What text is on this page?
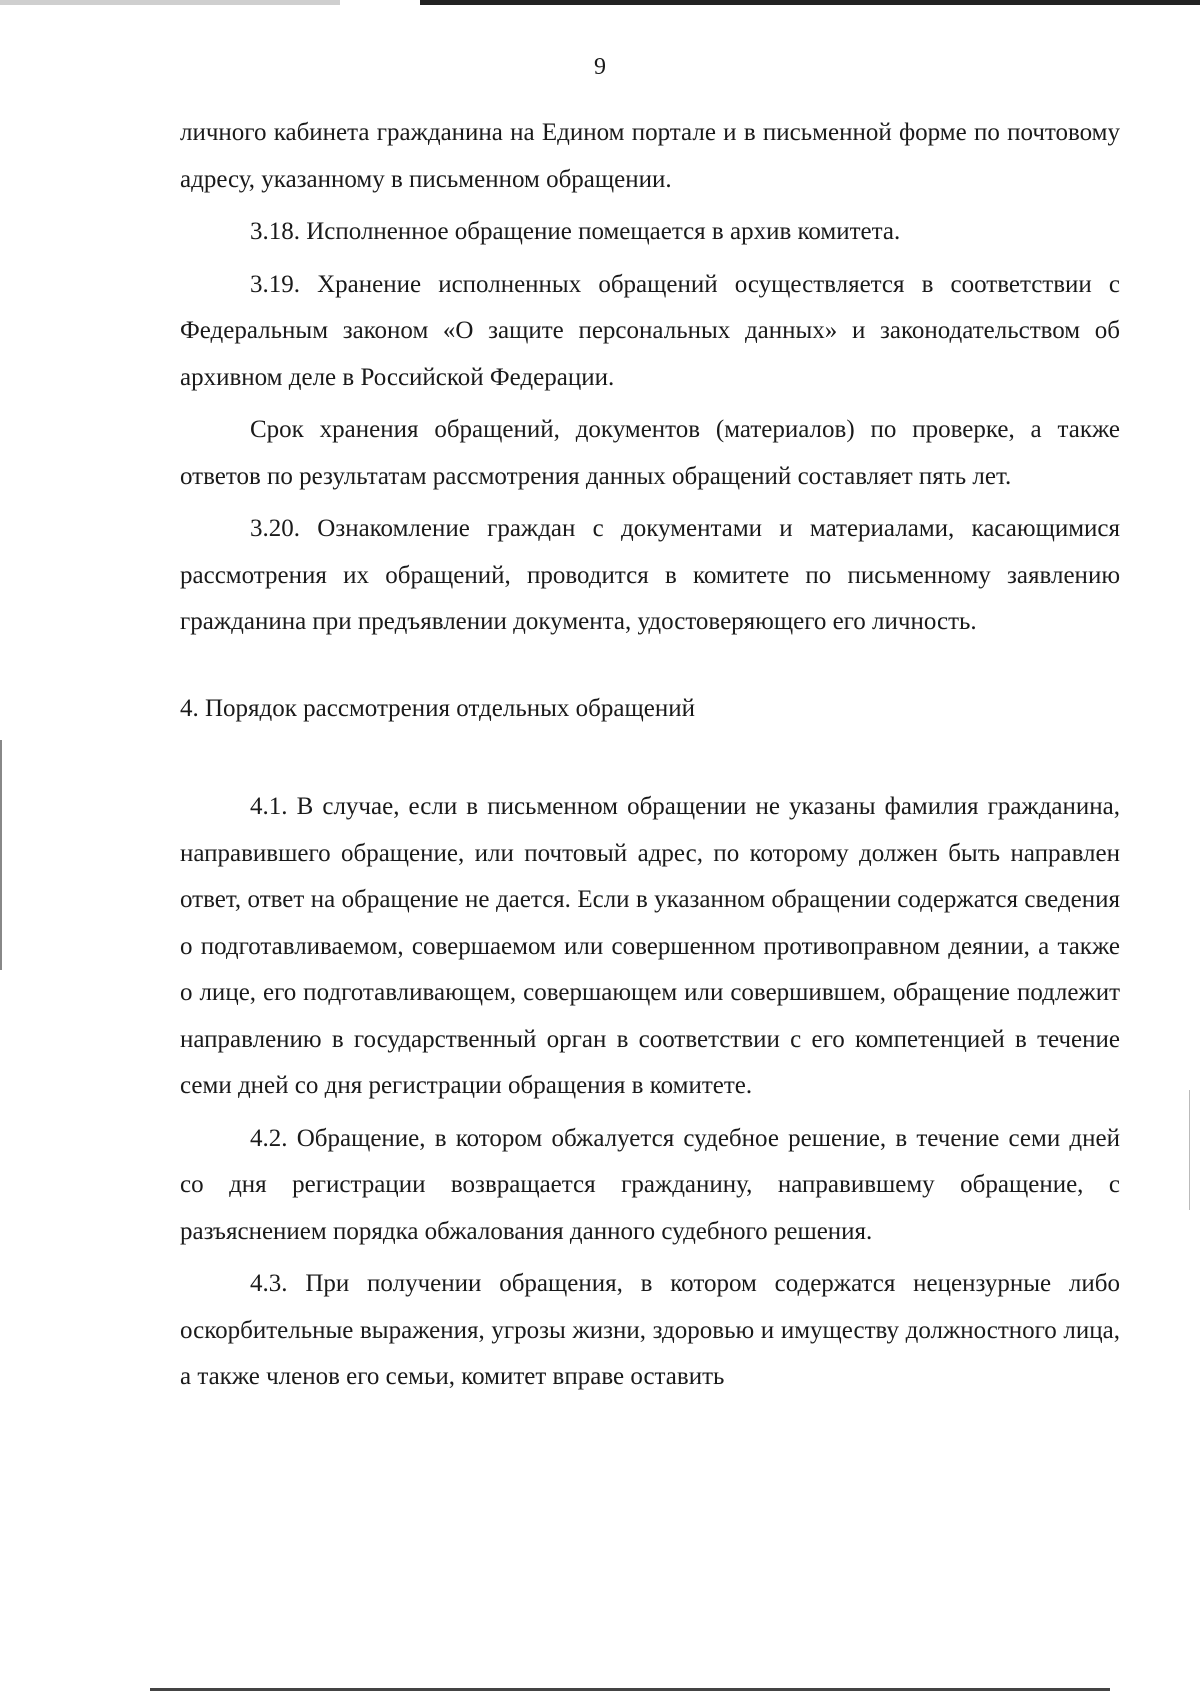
9

личного кабинета гражданина на Едином портале и в письменной форме по почтовому адресу, указанному в письменном обращении.

3.18. Исполненное обращение помещается в архив комитета.

3.19. Хранение исполненных обращений осуществляется в соответствии с Федеральным законом «О защите персональных данных» и законодательством об архивном деле в Российской Федерации.

Срок хранения обращений, документов (материалов) по проверке, а также ответов по результатам рассмотрения данных обращений составляет пять лет.

3.20. Ознакомление граждан с документами и материалами, касающимися рассмотрения их обращений, проводится в комитете по письменному заявлению гражданина при предъявлении документа, удостоверяющего его личность.

4. Порядок рассмотрения отдельных обращений

4.1. В случае, если в письменном обращении не указаны фамилия гражданина, направившего обращение, или почтовый адрес, по которому должен быть направлен ответ, ответ на обращение не дается. Если в указанном обращении содержатся сведения о подготавливаемом, совершаемом или совершенном противоправном деянии, а также о лице, его подготавливающем, совершающем или совершившем, обращение подлежит направлению в государственный орган в соответствии с его компетенцией в течение семи дней со дня регистрации обращения в комитете.

4.2. Обращение, в котором обжалуется судебное решение, в течение семи дней со дня регистрации возвращается гражданину, направившему обращение, с разъяснением порядка обжалования данного судебного решения.

4.3. При получении обращения, в котором содержатся нецензурные либо оскорбительные выражения, угрозы жизни, здоровью и имуществу должностного лица, а также членов его семьи, комитет вправе оставить
